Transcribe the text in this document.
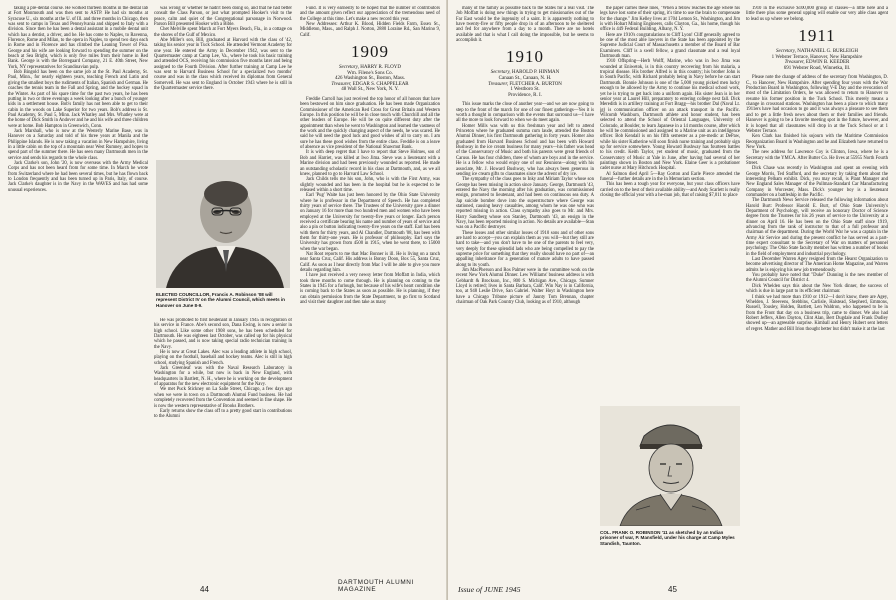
taking a pre-dental course. He worked thirteen months in the dental lab at Fort Monmouth and was then sent to ASTP. He had six months at Syracuse U., six months at the U. of Ill. and three months in Chicago, then was sent to camps in Texas and Pennsylvania and shipped to Italy with a division. Since then he has been a dental assistant in a mobile dental unit which has a dentist, a driver, and he. He has come to Naples, to Ravenna, Florence, Rome and Milan, to the opera in Naples, to spend two days each in Rome and in Florence and has climbed the Leaning Tower of Pisa. George and his wife are looking forward to spending the summer on the beach at Sea Bright, which is only five miles from their home in Red Bank. George is with the Borregaard Company, 21 E. 40th Street, New York, NY representatives for Scandinavian pulp.

Bob Bingold has been on the same job at the St. Paul Academy, St. Paul, Minn., for nearly eighteen years, teaching French and Latin and giving the smallest boys the rudiments of Italian, Spanish and German. He coaches the tennis team in the Fall and Spring, and the hockey squad in the Winter. As part of his spare time for the past two years, he has been putting in two or three evenings a week looking after a bunch of younger kids in a settlement house. Bob's family has not been able to get to their cabin in the woods on Lake Superior for two years. Bob's address is St. Paul Academy, St. Paul 5, Minn. Jack Whatley and Mrs. Whatley were at the home of Dick Smith in Andover and he and his wife and three children were at home. Bob Hampton in Greenwich, Conn.

Jack Marshall, who is now at the Westerly Marine Base, was in Hanover on a Saturday and told of his three years at Manila and the Philippine Islands. He is now taking a vacation in New Hampshire, living in a little cabin on the top of a mountain near West Rumney, and hopes to spend part of the summer there. He has seen many Dartmouth men in the service and sends his regards to the whole class.

Jack Clarke's son, John '20, is now overseas with the Army Medical Corps and has not been heard from for some time. In March he wrote from Switzerland where he had been several times, but he has flown back to London frequently and has been turned up in Paris, Italy, of course. Jack Clarke's daughter is in the Navy in the WAVES and has had some unusual experiences.

was wrong or whether he hadn't been doing so, and that he had better consult the Class Parson, or just what prompted Hooker's visit to the peace, calm and quiet of the Congregational parsonage in Norwood. Parson Bill presented Hooker with a Bible.

Chet Melville spent March at Fort Myers Beach, Fla., in a cottage on the shores of the Gulf of Mexico.

Abe Miller's son, Bill, graduated at Harvard with the class of '42, taking his senior year in Tuck School. He attended Vermont Academy for one year. He entered the Army in December 1942, was sent to the Quartermaster camp at Camp Lee, Va., where he took his basic training and attended OCS, receiving his commission five months later and being assigned to the Fourth Division. After further training at Camp Lee he was sent to Harvard Business School for a specialized two months' course and was in the class which received its diplomas from General Somervell. He was sent to England in October 1943 where he is still in the Quartermaster service there.

ELECTED COUNCILLOR, Francis A. Robinson '08 will represent District IV on the Alumni Council, which meets in Hanover on June 8-9.

He was promoted to first lieutenant in January 1945 in recognition of his service in France. Abe's second son, Dana Ewing, is now a senior in high school. Like some other 1908 sons, he has been scheduled for Dartmouth. He was eighteen last October, was called up for his physical which he passed, and is now taking special radio technician training in the Navy.

He is now at Great Lakes. Alec was a leading athlete in high school, playing on the football, baseball and hockey teams. Alec is still in high school, studying Spanish and French.

Jack Greenleaf was with the Naval Research Laboratory in Washington for a while, but now is back in New England, with headquarters in Bartlett, N. H., where he is working on the development of apparatus for the new electronic equipment for the Navy.

We met Puck Stickney on La Salle Street, Chicago, a few days ago when we were in town on a Dartmouth Alumni Fund business. He had completely recovered from the Convention and seemed in fine shape. He is now the western representative of Brooks Brothers.

Early returns show the class off to a pretty good start in contributions to the Alumni

Fund. It is very earnestly to be hoped that the number of contributors and the amount given reflect our appreciation of the tremendous need of the College at this time. Let's make a new record this year.

New Addresses: Arthur K. Blood, Hidden Fields Farm, Essex St., Middleton, Mass., and Ralph J. Norton, 2880 Loraine Rd., San Marino 9, Calif.

1909
Secretary, HARRY R. FLOYD
Wm. Filene's Sons Co.
426 Washington St., Boston, Mass.
Treasurer, EDGAR S. CHAPPELEAR
48 Wall St., New York, N. Y.

Freddie Carroll has just received the top honor of all honors that have been bestowed on him since graduation. He has been made Organization Commissioner of the American Red Cross for Great Britain and Western Europe. In this position he will be in close touch with Churchill and all the other leaders of Europe. He will be on quite different duty after the appointment than when he went to Washington and learned the vastness of the work and the quickly changing aspect of the needs, he was scared. He said he will need the good luck and good wishes of all to carry on. I am sure he has these good wishes from the entire class. Freddie is on a leave of absence as vice president of the National Shawmut Bank.

It is with deep regret that I have to report that Steve Holmes, son of Bob and Harriet, was killed at Iwo Jima. Steve was a lieutenant with a Marine division and had been previously wounded as reported. He made an outstanding scholastic record in his class at Dartmouth, and, as we all knew, planned to go to Harvard Law School.

Jack Childs tells me his son, John, who is with the First Army, was slightly wounded and has been in the hospital but he is expected to be released within a short time.

Earl 'Pug' Waite has just been honored by the Ohio State University where he is professor in the Department of Speech. He has completed thirty years of service there. The Trustees of the University gave a dinner on January 16 for more than two hundred men and women who have been employed at the University for twenty-five years or longer. Each person received a certificate bearing his name and number of years of service and also a pin or button indicating twenty-five years on the staff. Earl has been with them for thirty years, and Al Chandler, Dartmouth '08, has been with them for thirty-one years. He is professor of philosophy. Earl says the University has grown from 4500 in 1915, when he went there, to 15000 when the war began.

Nat Root reports to me that Mac Bonner is ill. He is living on a ranch near Santa Cruz, Calif. His address is Bonny Doon, Box 55, Santa Cruz, Calif. As soon as I hear directly from Mac I will be able to give you more details regarding him.

I have just received a very newsy letter from Moffatt in India, which took three months to come through. He is planning on coming to the States in 1945 for a furlough, but because of his wife's heart condition she is coming back to the States as soon as possible. He is planning, if they can obtain permission from the State Department, to go first to Scotland and visit their daughter and then take as many

44
DARTMOUTH ALUMNI MAGAZINE

many of the family as possible back to the States for a real visit. The Job Moffatt is doing new things in trying to get missionaries out of the Far East would be the ingenuity of a saint. It is apparently nothing to have twenty-five or fifty people drop in of an afternoon to be sheltered and fed for anywhere from a day to a month. There are no hotels available and that is what I call doing the impossible, but he seems to accomplish it.

1910
Secretary, HAROLD P. HINMAN
Canaan St., Canaan, N. H.
Treasurer, FLETCHER A. BURTON
1 Westboro St.
Providence, R. I.

This issue marks the close of another year—and we are now going to step to the front of the march for one of our finest gatherings—Yes it is worth a thought in comparison with the events that surround us—I have all the more to look forward to when we do meet again.

Homer Mills was with us this freshman year and left to attend Princeton where he graduated summa cum laude, attended the Boston Alumni Dinner, his first Dartmouth gathering in forty years. Homer also graduated from Harvard Business School and has been with Howard Bushway in the ice cream business for many years—his father was head of the Conservatory of Music and both his parents were great friends of Caruso. He has four children, three of whom are boys and in the service. He is a fellow who would enjoy one of our Reunions—along with his associate, Mr. J. Howard Bushway, who has always been generous in sending ice cream gifts to classmates since the advent of dry ice.

The sympathy of the class goes to Inky and Miriam Taylor whose son George has been missing in action since January. George, Dartmouth '43, entered the Navy the morning after his graduation, was commissioned ensign, promoted to lieutenant, and had been on continuous sea duty. A Jap suicide bomber dove into the superstructure where George was stationed, causing heavy casualties, among whom he was one who was reported missing in action. Class sympathy also goes to Mr. and Mrs. Harry Sandberg whose son Stanley, Dartmouth '43, an ensign in the Navy, has been reported missing in action. No details are available—Stan was on a Pacific destroyer.

These losses and other similar losses of 1910 sons and of other sons are hard to accept—you can explain them as you will—but they still are hard to take—and you don't have to be one of the parents to feel very, very deeply for these splendid lads who are being compelled to pay the supreme price for something that they really should have no part of—an appalling inheritance for a generation of mature adults to have passed along to its youth.

Jim MacPherson and Ros Palmer were in the committee work on the recent New York Alumni Dinner. Lew Williams' business address is with Gebhardt & Brockson, Inc., 800 S. Michigan Ave., Chicago. Sumner Lloyd is retired; lives in Santa Barbara, Calif. Win Nay is in California, too, at 948 Leslie Drive, San Gabriel. Walter Hoyt in Washington here have a Chicago Tribune picture of Jaunty Tom Brennan, chapter chairman of Oak Park Country Club, looking as of 1910, although

the paper carries these lines, "When a fellow reaches the age where his legs have lost some of their spring, it's time to use the brain to compensate for the change." Jim Kelley lives at 1704 Lemon St., Washington, and Jim is with Hobart Mining Engineers, calls Clayton, Ga., his home, though his office is 449 Federal Building, Albany, N. Y.

Here are 1910's congratulations to Cliff Lyon! Cliff generally agreed to be one of the most able lawyers in the State has been appointed by the Supreme Judicial Court of Massachusetts a member of the Board of Bar Examiners. Cliff is a swell fellow, a grand classmate and a real loyal Dartmouth man.

1910 Offspring—Herb Wolff, Marine, who was in Iwo Jima was wounded at Eniwetok, is in this country recovering from his malaria, a tropical disease. His brother Alfred is in this country; his brother John is in South Pacific, with Richard probably being in Navy before he can start Dartmouth. Bonnie Johnson is one of the 5,000 young picked men lucky enough to be allowed by the Army to continue his medical school work, yet he is trying to get back into a uniform again. His sister Jean is in her senior year at Laurel Hill, preparatory to entering college next fall. Dick Meredith is in artillery training at Fort Bragg—his brother Dal (Naval Lt. jg) is communication officer on an attack transport in the Pacific. Wilcomb Washburn, Dartmouth athlete and honor student, has been selected to attend the School of Oriental Languages, University of Colorado, at Boulder, to learn Japanese in a 14 months course, after which he will be commissioned and assigned to a Marine unit as an intelligence officer. Bob Kendall is on his fifth semester as a pre-medic at DePaw, while his sister Katherine will soon finish nurse training and probably sign up for service somewhere. Young Howard Bushway has fourteen battles to his credit. Keith Taylor, yet student of music, graduated from the Conservatory of Music at Yale in June, after having had several of her paintings shown in Boston and New York. Elaine Geer is a probationer cadet nurse at Mary Hitchcock Hospital.

Al Salmon died April 5—Ray Gorton and Earle Pierce attended the funeral—further details are in the In Memoriam section.

This has been a tough year for everyone, but your class officers have carried on to the best of their available ability—and Andy Scarlett is really closing the official year with a he-man job, that of raising $7,011 to place

COL. FRANK O. ROBINSON '11 as sketched by an Indian prisoner of war, P. Mansfield, under his charge at Camp Myles Standish, Taunton.

1910 in the exclusive $100,000 group of classes—a little here and a little there plus some general upping will enable our very able class agent to lead us up where we belong.

1911
Secretary, NATHANIEL G. BURLEIGH
1 Webster Terrace, Hanover, New Hampshire
Treasurer, EDWIN B. KEEDER
691 Webster Road, Winnetka, Ill.

Please note the change of address of the secretary from Washington, D. C., to Hanover, New Hampshire. After spending four years with the War Production Board in Washington, following V-E Day and the revocation of most of the Limitation Orders, he was allowed to return to Hanover to resume his former position in the Tuck School. This merely means a change in crossroad stations. Washington has been a place to which many 1911ers have had occasion to go and it was always a pleasure to see them and to get a little fresh news about them or their families and friends. Hanover is going to be a favorite meeting spot in the future, however, and it is hoped that all classmates will drop in at the Tuck School or at 1 Webster Terrace.

Ken Clark has finished his sojourn with the Maritime Commission Reorganization Board in Washington and he and Elizabeth have returned to New York.

The new address for Lawrence Coy is Clinton, Iowa, where he is a Secretary with the YMCA. After Butter Co. He lives at 55955 North Fourth Street.

Dick Chase was recently in Washington and spent an evening with George Morris, Ted Stafford, and the secretary by taking them about the interesting Pelham exhibit. Dick, you may recall, is Plant Manager and New England Sales Manager of the Pullman-Standard Car Manufacturing Company in Worcester, Mass. Dick's younger boy is a lieutenant commander on a battleship in the Pacific.

The Dartmouth News Service released the following information about Harold Burt: Professor Harold E. Burt, of Ohio State University's Department of Psychology, will receive an honorary Doctor of Science degree from the Trustees for his 26 years of service to the University at a dinner on April 16. He has been on the Ohio State staff since 1919, advancing from the rank of instructor to that of a full professor and chairman of the department. During the World War he was a captain in the Army Air Service and during the present conflict he has served as a part-time expert consultant to the Secretary of War on matters of personnel psychology. The Ohio State faculty member has written a number of books in the field of employment and industrial psychology.

Last December Warren Agey resigned from the Hearst Organization to become advertising director of The American Home Magazine, and Warren admits he is enjoying his new job tremendously.

You probably have noted that "Duke" Dunning is the new member of the Alumni Council for District 4.

Dick Whelden says this about the New York dinner, the success of which is due in large part to its efficient chairman:

I think we had more than 1910 or 1912—I don't know, there are Agey, Whelden, J. Steevens, Stebbins, Carlisle, Halstead, Shepherd, Emmons, Russell, Tousley, Holden, Bartlett, Len Waldron, who happened to be in from the Front that day on a business trip, came to dinner. We also had Robert Jeffers, Allen Dayton, Clint Alan, Bert Dugdale and Frank Dudley showed up—an agreeable surprise. Kimball and Henry Hubert sent letters of regret. Mather and Bill Irion thought better but didn't make it at the last

Issue of JUNE 1945	45
